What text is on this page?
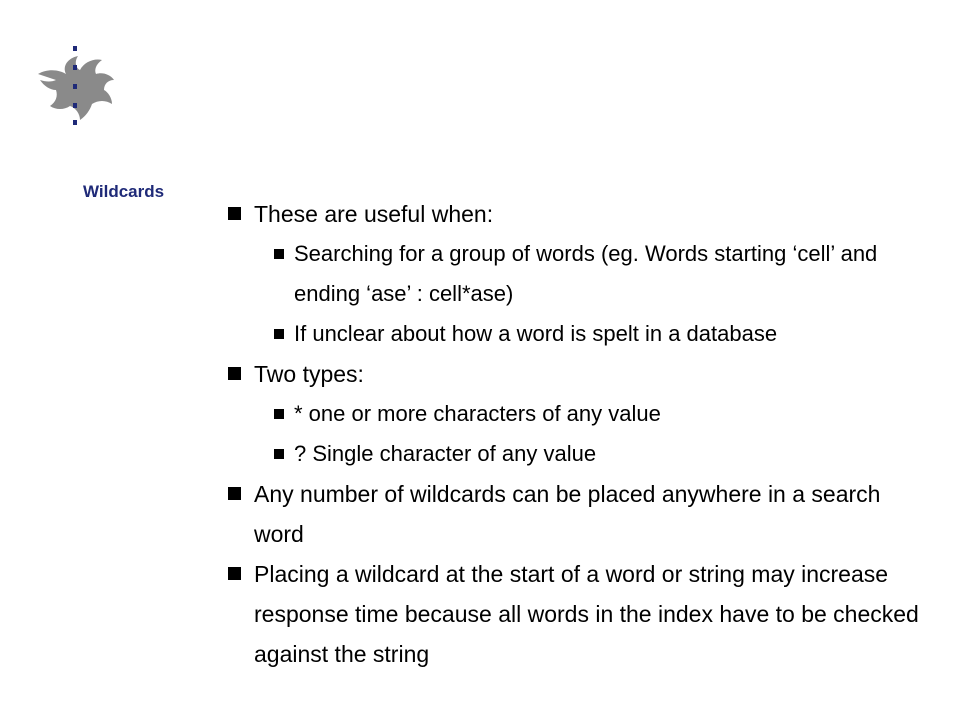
Wildcards
These are useful when:
Searching for a group of words (eg. Words starting ‘cell’ and ending ‘ase’ : cell*ase)
If unclear about how a word is spelt in a database
Two types:
* one or more characters of any value
? Single character of any value
Any number of wildcards can be placed anywhere in a search word
Placing a wildcard at the start of a word or string may increase response time because all words in the index have to be checked against the string
